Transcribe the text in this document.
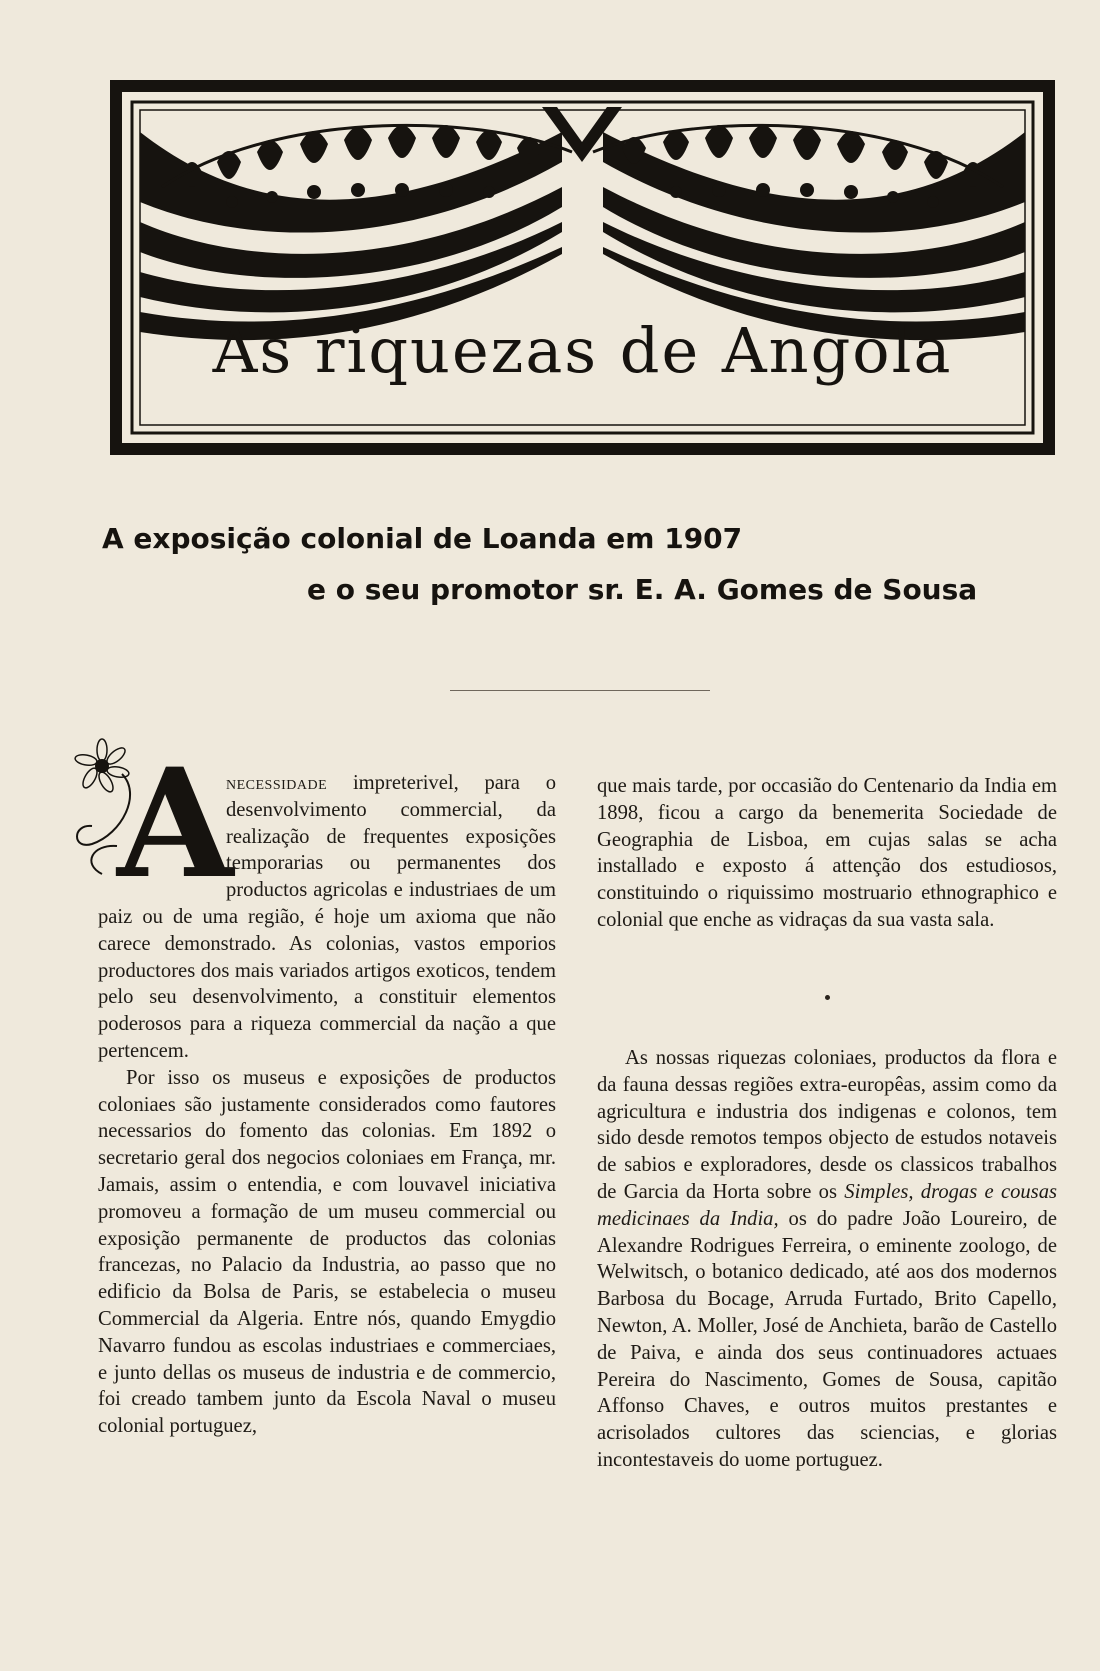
As riquezas de Angola
A exposição colonial de Loanda em 1907
e o seu promotor sr. E. A. Gomes de Sousa
A

necessidade impreterivel, para o desenvolvimento commercial, da realização de frequentes exposições temporarias ou permanentes dos productos agricolas e industriaes de um paiz ou de uma região, é hoje um axioma que não carece demonstrado. As colonias, vastos emporios productores dos mais variados artigos exoticos, tendem pelo seu desenvolvimento, a constituir elementos poderosos para a riqueza commercial da nação a que pertencem.

Por isso os museus e exposições de productos coloniaes são justamente considerados como fautores necessarios do fomento das colonias. Em 1892 o secretario geral dos negocios coloniaes em França, mr. Jamais, assim o entendia, e com louvavel iniciativa promoveu a formação de um museu commercial ou exposição permanente de productos das colonias francezas, no Palacio da Industria, ao passo que no edificio da Bolsa de Paris, se estabelecia o museu Commercial da Algeria. Entre nós, quando Emygdio Navarro fundou as escolas industriaes e commerciaes, e junto dellas os museus de industria e de commercio, foi creado tambem junto da Escola Naval o museu colonial portuguez,

que mais tarde, por occasião do Centenario da India em 1898, ficou a cargo da benemerita Sociedade de Geographia de Lisboa, em cujas salas se acha installado e exposto á attenção dos estudiosos, constituindo o riquissimo mostruario ethnographico e colonial que enche as vidraças da sua vasta sala.

As nossas riquezas coloniaes, productos da flora e da fauna dessas regiões extra-europêas, assim como da agricultura e industria dos indigenas e colonos, tem sido desde remotos tempos objecto de estudos notaveis de sabios e exploradores, desde os classicos trabalhos de Garcia da Horta sobre os Simples, drogas e cousas medicinaes da India, os do padre João Loureiro, de Alexandre Rodrigues Ferreira, o eminente zoologo, de Welwitsch, o botanico dedicado, até aos dos modernos Barbosa du Bocage, Arruda Furtado, Brito Capello, Newton, A. Moller, José de Anchieta, barão de Castello de Paiva, e ainda dos seus continuadores actuaes Pereira do Nascimento, Gomes de Sousa, capitão Affonso Chaves, e outros muitos prestantes e acrisolados cultores das sciencias, e glorias incontestaveis do uome portuguez.
